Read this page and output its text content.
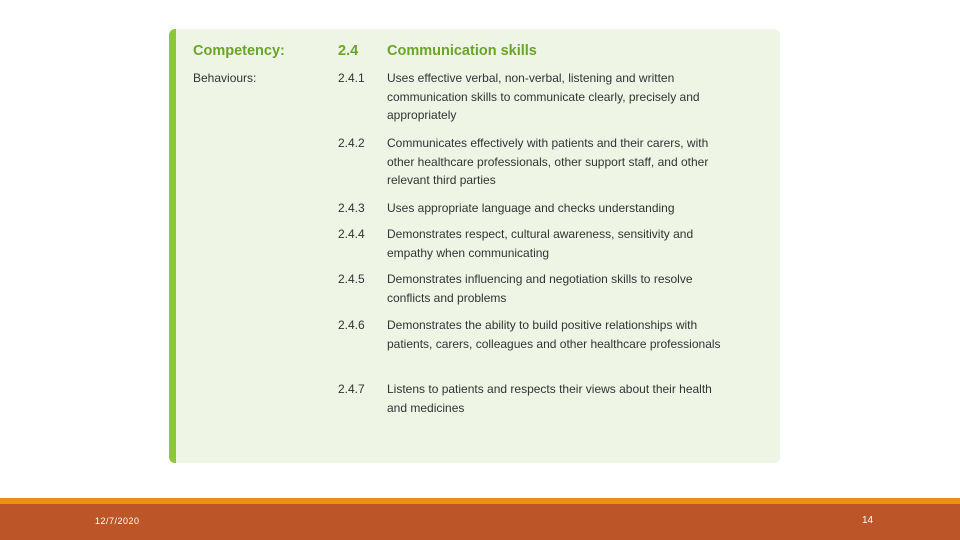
Competency:	2.4 Communication skills
Behaviours:	2.4.1 Uses effective verbal, non-verbal, listening and written communication skills to communicate clearly, precisely and appropriately
2.4.2 Communicates effectively with patients and their carers, with other healthcare professionals, other support staff, and other relevant third parties
2.4.3 Uses appropriate language and checks understanding
2.4.4 Demonstrates respect, cultural awareness, sensitivity and empathy when communicating
2.4.5 Demonstrates influencing and negotiation skills to resolve conflicts and problems
2.4.6 Demonstrates the ability to build positive relationships with patients, carers, colleagues and other healthcare professionals
2.4.7 Listens to patients and respects their views about their health and medicines
12/7/2020	14
